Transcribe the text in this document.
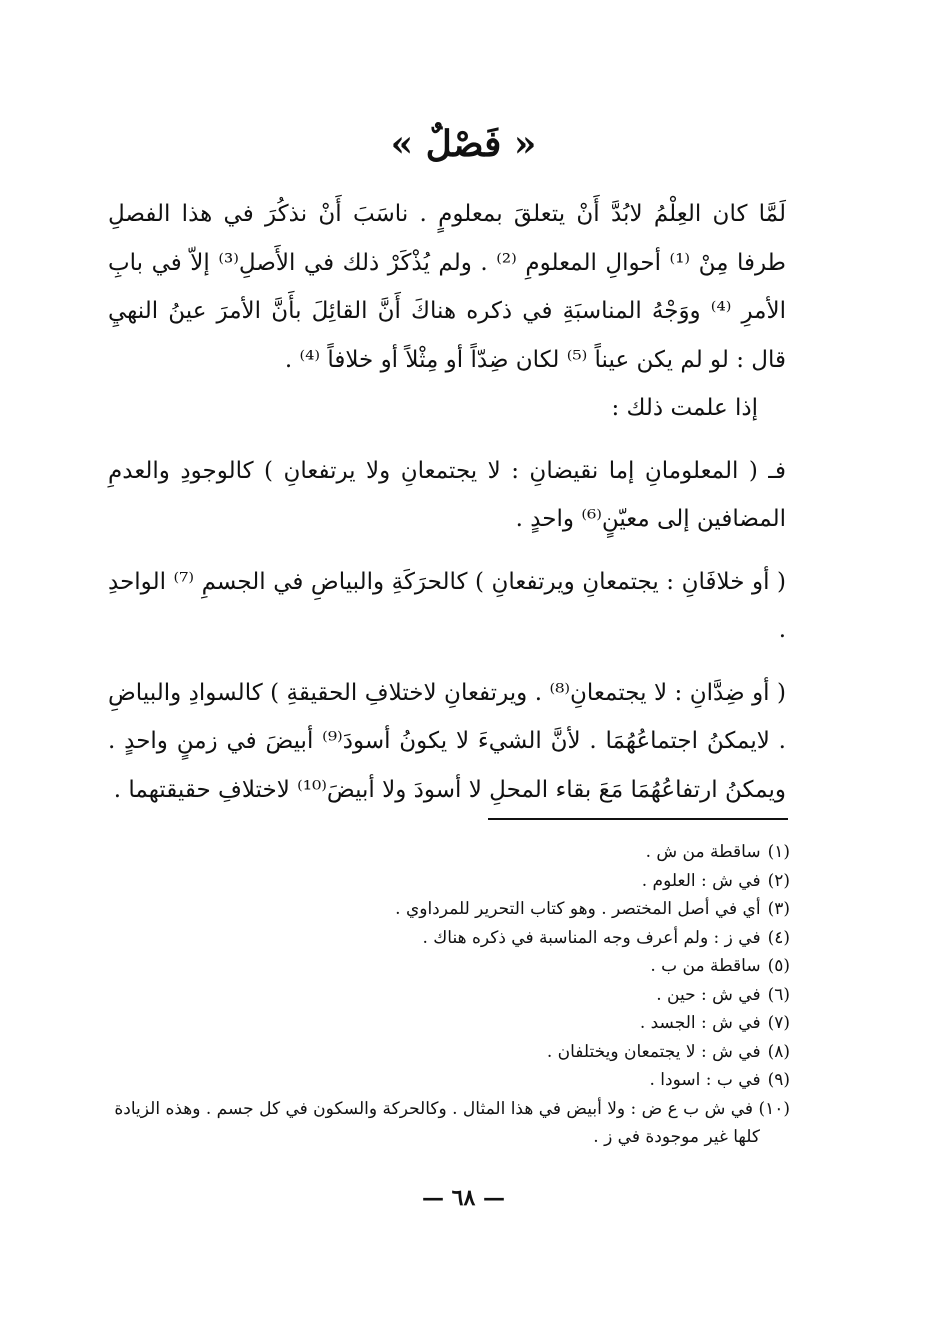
« فَصْلٌ »

لَمَّا كان العِلْمُ لابُدَّ أَنْ يتعلقَ بمعلومٍ . ناسَبَ أَنْ نذكُرَ في هذا الفصلِ طرفا مِنْ ⁽¹⁾ أحوالِ المعلومِ ⁽²⁾ . ولم يُذْكَرْ ذلك في الأَصلِ⁽³⁾ إلاّ في بابِ الأمرِ ⁽⁴⁾ ووَجْهُ المناسبَةِ في ذكره هناكَ أَنَّ القائِلَ بأَنَّ الأمرَ عينُ النهيِ قال : لو لم يكن عيناً ⁽⁵⁾ لكان ضِدّاً أو مِثْلاً أو خلافاً ⁽⁴⁾ .

إذا علمت ذلك :

فـ ( المعلومانِ إما نقيضانِ : لا يجتمعانِ ولا يرتفعانِ ) كالوجودِ والعدمِ المضافين إلى معيّنٍ⁽⁶⁾ واحدٍ .

( أو خلافَانِ : يجتمعانِ ويرتفعانِ ) كالحرَكَةِ والبياضِ في الجسمِ ⁽⁷⁾ الواحدِ .

( أو ضِدَّانِ : لا يجتمعانِ⁽⁸⁾ . ويرتفعانِ لاختلافِ الحقيقةِ ) كالسوادِ والبياضِ . لايمكنُ اجتماعُهُمَا . لأنَّ الشيءَ لا يكونُ أسودَ⁽⁹⁾ أبيضَ في زمنٍ واحدٍ . ويمكنُ ارتفاعُهُمَا مَعَ بقاء المحلِ لا أسودَ ولا أبيضَ⁽¹⁰⁾ لاختلافِ حقيقتهما .

(١) ساقطة من ش .
(٢) في ش : العلوم .
(٣) أي في أصل المختصر . وهو كتاب التحرير للمرداوي .
(٤) في ز : ولم أعرف وجه المناسبة في ذكره هناك .
(٥) ساقطة من ب .
(٦) في ش : حين .
(٧) في ش : الجسد .
(٨) في ش : لا يجتمعان ويختلفان .
(٩) في ب : اسودا .
(١٠) في ش ب ع ض : ولا أبيض في هذا المثال . وكالحركة والسكون في كل جسم . وهذه الزيادة
كلها غير موجودة في ز .
— ٦٨ —
